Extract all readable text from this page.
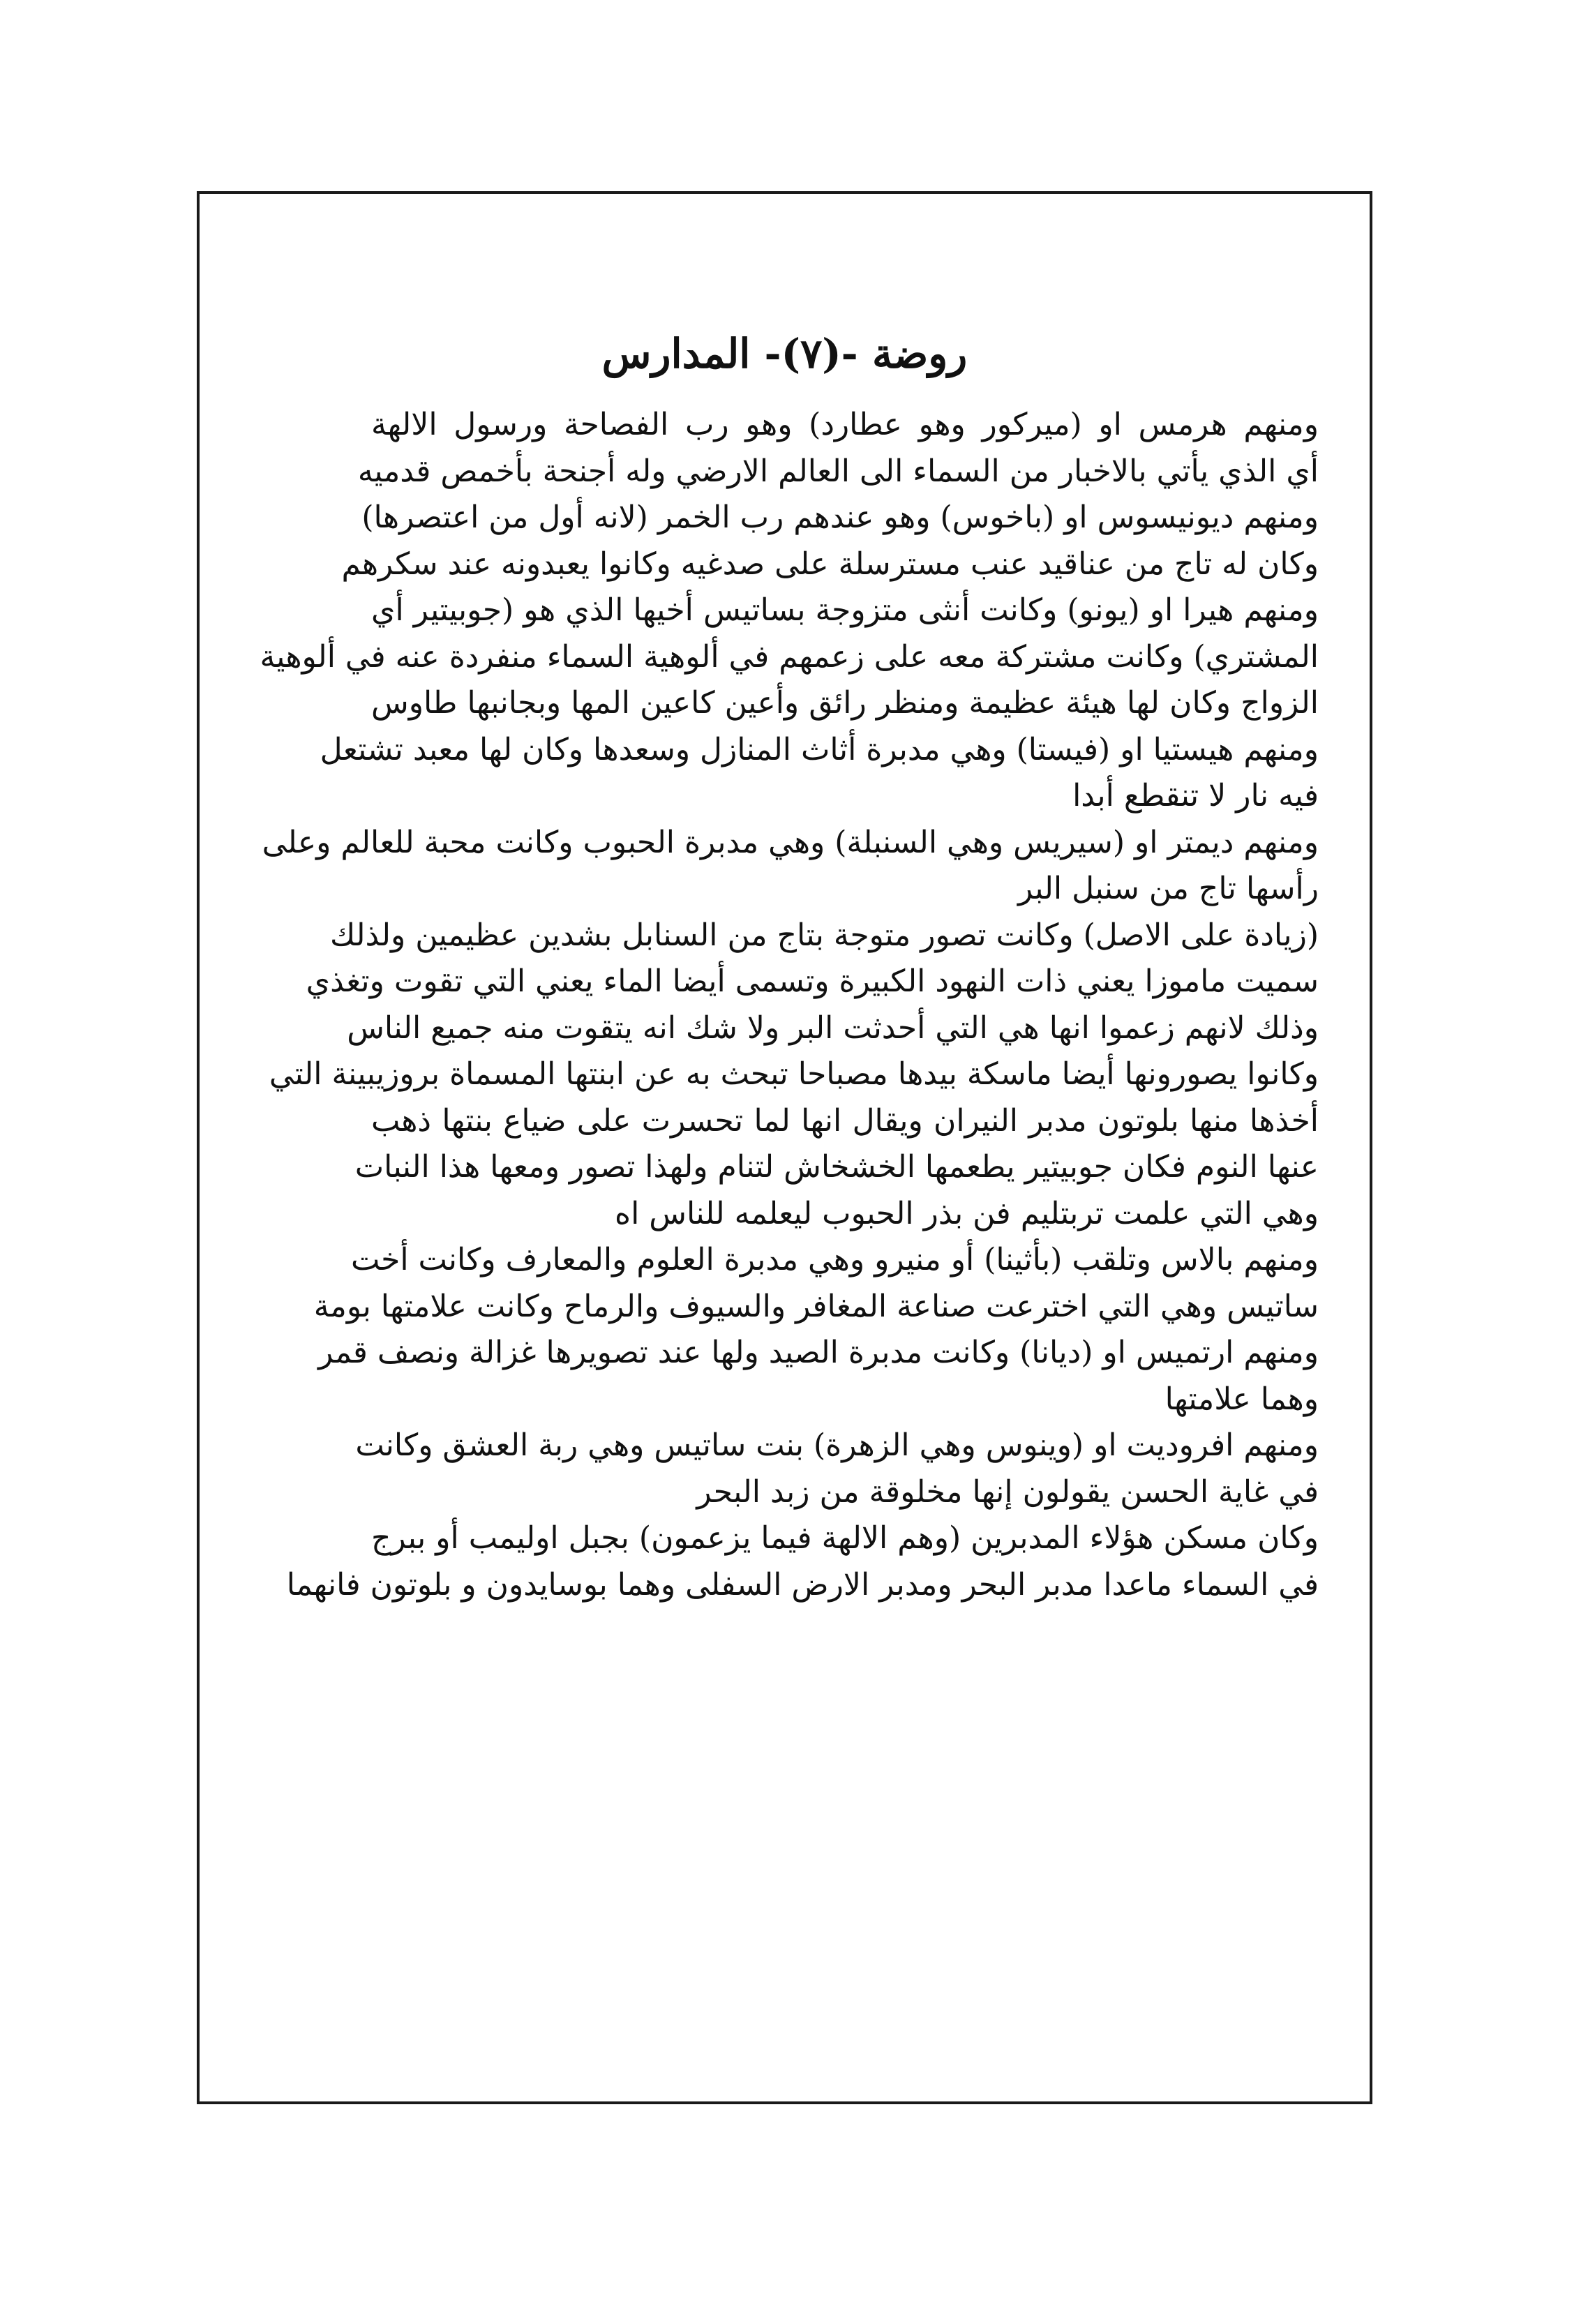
روضة -(٧)- المدارس
ومنهم هرمس او (ميركور وهو عطارد) وهو رب الفصاحة ورسول الالهة
أي الذي يأتي بالاخبار من السماء الى العالم الارضي وله أجنحة بأخمص قدميه
ومنهم ديونيسوس او (باخوس) وهو عندهم رب الخمر (لانه أول من اعتصرها)
وكان له تاج من عناقيد عنب مسترسلة على صدغيه وكانوا يعبدونه عند سكرهم
ومنهم هيرا او (يونو) وكانت أنثى متزوجة بساتيس أخيها الذي هو (جوبيتير أي
المشتري) وكانت مشتركة معه على زعمهم في ألوهية السماء منفردة عنه في ألوهية
الزواج وكان لها هيئة عظيمة ومنظر رائق وأعين كاعين المها وبجانبها طاوس
ومنهم هيستيا او (فيستا) وهي مدبرة أثاث المنازل وسعدها وكان لها معبد تشتعل
فيه نار لا تنقطع أبدا
ومنهم ديمتر او (سيريس وهي السنبلة) وهي مدبرة الحبوب وكانت محبة للعالم وعلى
رأسها تاج من سنبل البر
(زيادة على الاصل) وكانت تصور متوجة بتاج من السنابل بشدين عظيمين ولذلك
سميت ماموزا يعني ذات النهود الكبيرة وتسمى أيضا الماء يعني التي تقوت وتغذي
وذلك لانهم زعموا انها هي التي أحدثت البر ولا شك انه يتقوت منه جميع الناس
وكانوا يصورونها أيضا ماسكة بيدها مصباحا تبحث به عن ابنتها المسماة بروزيبينة التي
أخذها منها بلوتون مدبر النيران ويقال انها لما تحسرت على ضياع بنتها ذهب
عنها النوم فكان جوبيتير يطعمها الخشخاش لتنام ولهذا تصور ومعها هذا النبات
وهي التي علمت تربتليم فن بذر الحبوب ليعلمه للناس اه
ومنهم بالاس وتلقب (بأثينا) أو منيرو وهي مدبرة العلوم والمعارف وكانت أخت
ساتيس وهي التي اخترعت صناعة المغافر والسيوف والرماح وكانت علامتها بومة
ومنهم ارتميس او (ديانا) وكانت مدبرة الصيد ولها عند تصويرها غزالة ونصف قمر
وهما علامتها
ومنهم افروديت او (وينوس وهي الزهرة) بنت ساتيس وهي ربة العشق وكانت
في غاية الحسن يقولون إنها مخلوقة من زبد البحر
وكان مسكن هؤلاء المدبرين (وهم الالهة فيما يزعمون) بجبل اوليمب أو ببرج
في السماء ماعدا مدبر البحر ومدبر الارض السفلى وهما بوسايدون و بلوتون فانهما
